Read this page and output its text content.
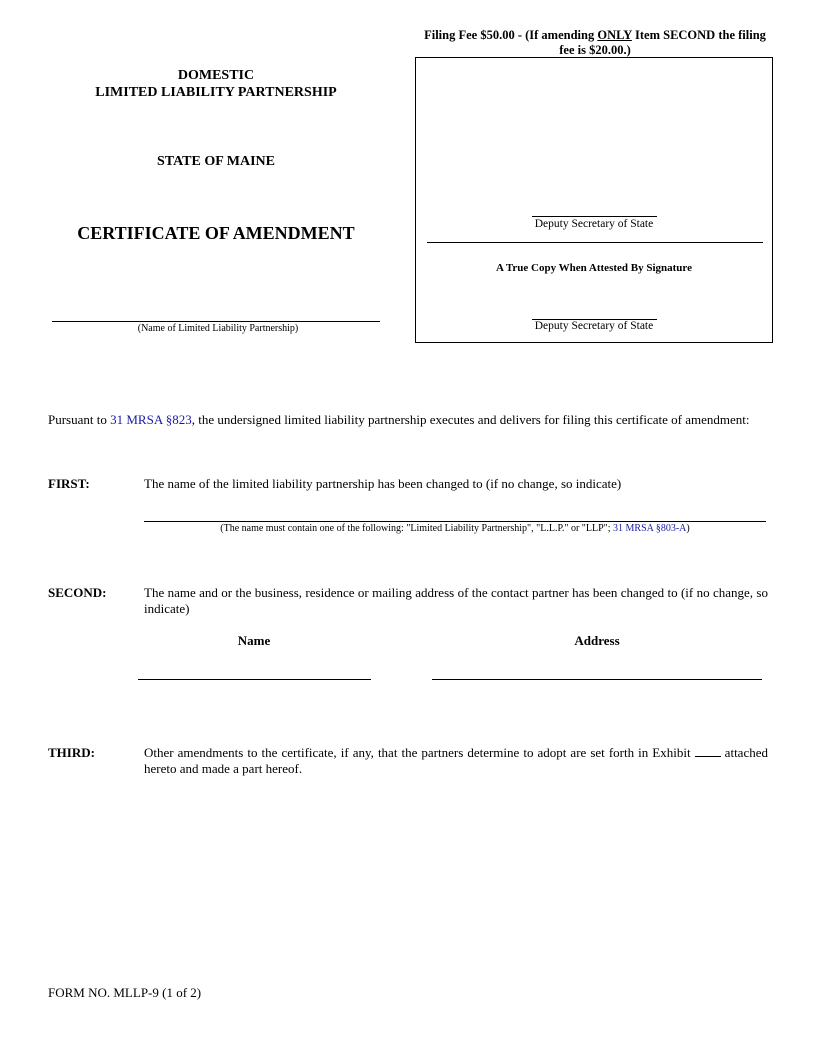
DOMESTIC
LIMITED LIABILITY PARTNERSHIP
STATE OF MAINE
CERTIFICATE OF AMENDMENT
(Name of Limited Liability Partnership)
Filing Fee $50.00 - (If amending ONLY Item SECOND the filing fee is $20.00.)
Deputy Secretary of State
A True Copy When Attested By Signature
Deputy Secretary of State
Pursuant to 31 MRSA §823, the undersigned limited liability partnership executes and delivers for filing this certificate of amendment:
FIRST:	The name of the limited liability partnership has been changed to (if no change, so indicate)
(The name must contain one of the following: "Limited Liability Partnership", "L.L.P." or "LLP"; 31 MRSA §803-A)
SECOND:	The name and or the business, residence or mailing address of the contact partner has been changed to (if no change, so indicate)
Name	Address
THIRD:	Other amendments to the certificate, if any, that the partners determine to adopt are set forth in Exhibit  attached hereto and made a part hereof.
FORM NO. MLLP-9 (1 of 2)
